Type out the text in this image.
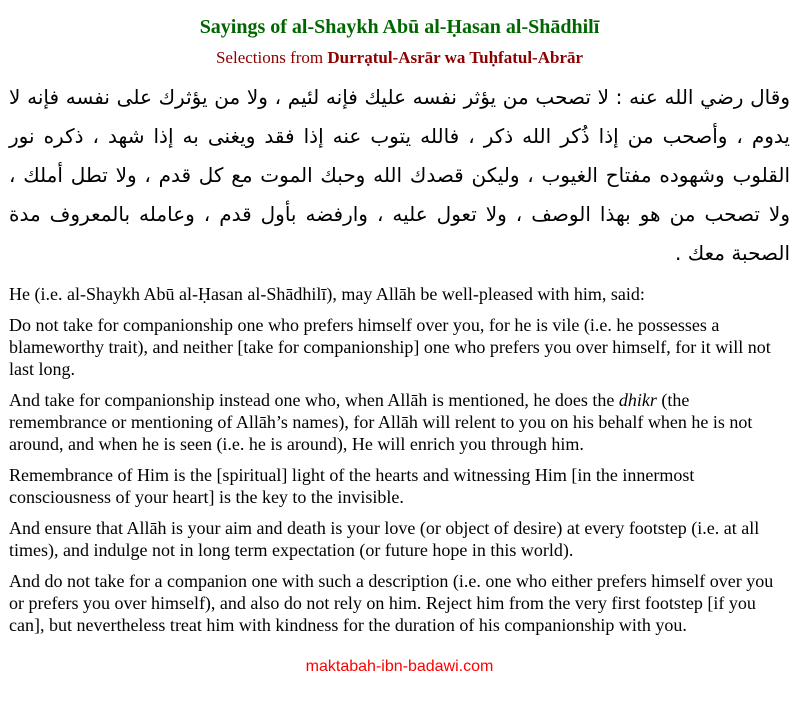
Sayings of al-Shaykh Abū al-Ḥasan al-Shādhilī
Selections from Durrạtul-Asrār wa Tuḥfatul-Abrār

وقال رضي الله عنه : لا تصحب من يؤثر نفسه عليك فإنه لئيم ، ولا من يؤثرك على نفسه فإنه لا يدوم ، وأصحب من إذا ذُكر الله ذكر ، فالله يتوب عنه إذا فقد ويغنى به إذا شهد ، ذكره نور القلوب وشهوده مفتاح الغيوب ، وليكن قصدك الله وحبك الموت مع كل قدم ، ولا تطل أملك ، ولا تصحب من هو بهذا الوصف ، ولا تعول عليه ، وارفضه بأول قدم ، وعامله بالمعروف مدة الصحبة معك .

He (i.e. al-Shaykh Abū al-Ḥasan al-Shādhilī), may Allāh be well-pleased with him, said:

Do not take for companionship one who prefers himself over you, for he is vile (i.e. he possesses a blameworthy trait), and neither [take for companionship] one who prefers you over himself, for it will not last long.

And take for companionship instead one who, when Allāh is mentioned, he does the dhikr (the remembrance or mentioning of Allāh’s names), for Allāh will relent to you on his behalf when he is not around, and when he is seen (i.e. he is around), He will enrich you through him.

Remembrance of Him is the [spiritual] light of the hearts and witnessing Him [in the innermost consciousness of your heart] is the key to the invisible.

And ensure that Allāh is your aim and death is your love (or object of desire) at every footstep (i.e. at all times), and indulge not in long term expectation (or future hope in this world).

And do not take for a companion one with such a description (i.e. one who either prefers himself over you or prefers you over himself), and also do not rely on him. Reject him from the very first footstep [if you can], but nevertheless treat him with kindness for the duration of his companionship with you.

maktabah-ibn-badawi.com
